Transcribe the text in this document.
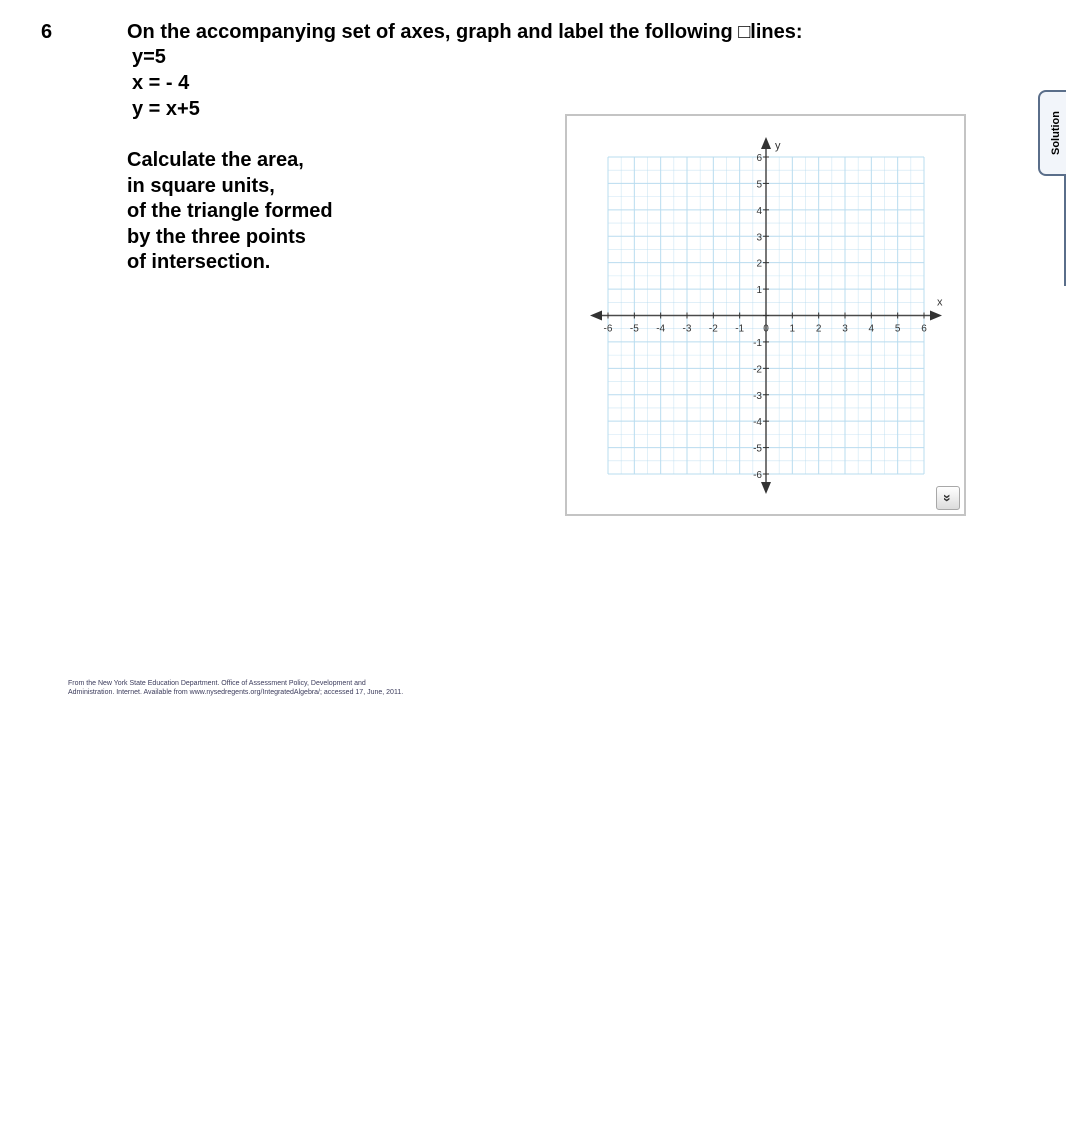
6	On the accompanying set of axes, graph and label the following □lines:
y=5
x = - 4
y = x+5
Calculate the area,
in square units,
of the triangle formed
by the three points
of intersection.
-6 -5 -4 -3 -2 -1 0 1 2 3 4 5 6
6
5
4
3
2
1
-1
-2
-3
-4
-5
-6
x
y
»
Solution
From the New York State Education Department. Office of Assessment Policy, Development and
Administration. Internet. Available from www.nysedregents.org/IntegratedAlgebra/; accessed 17, June, 2011.
